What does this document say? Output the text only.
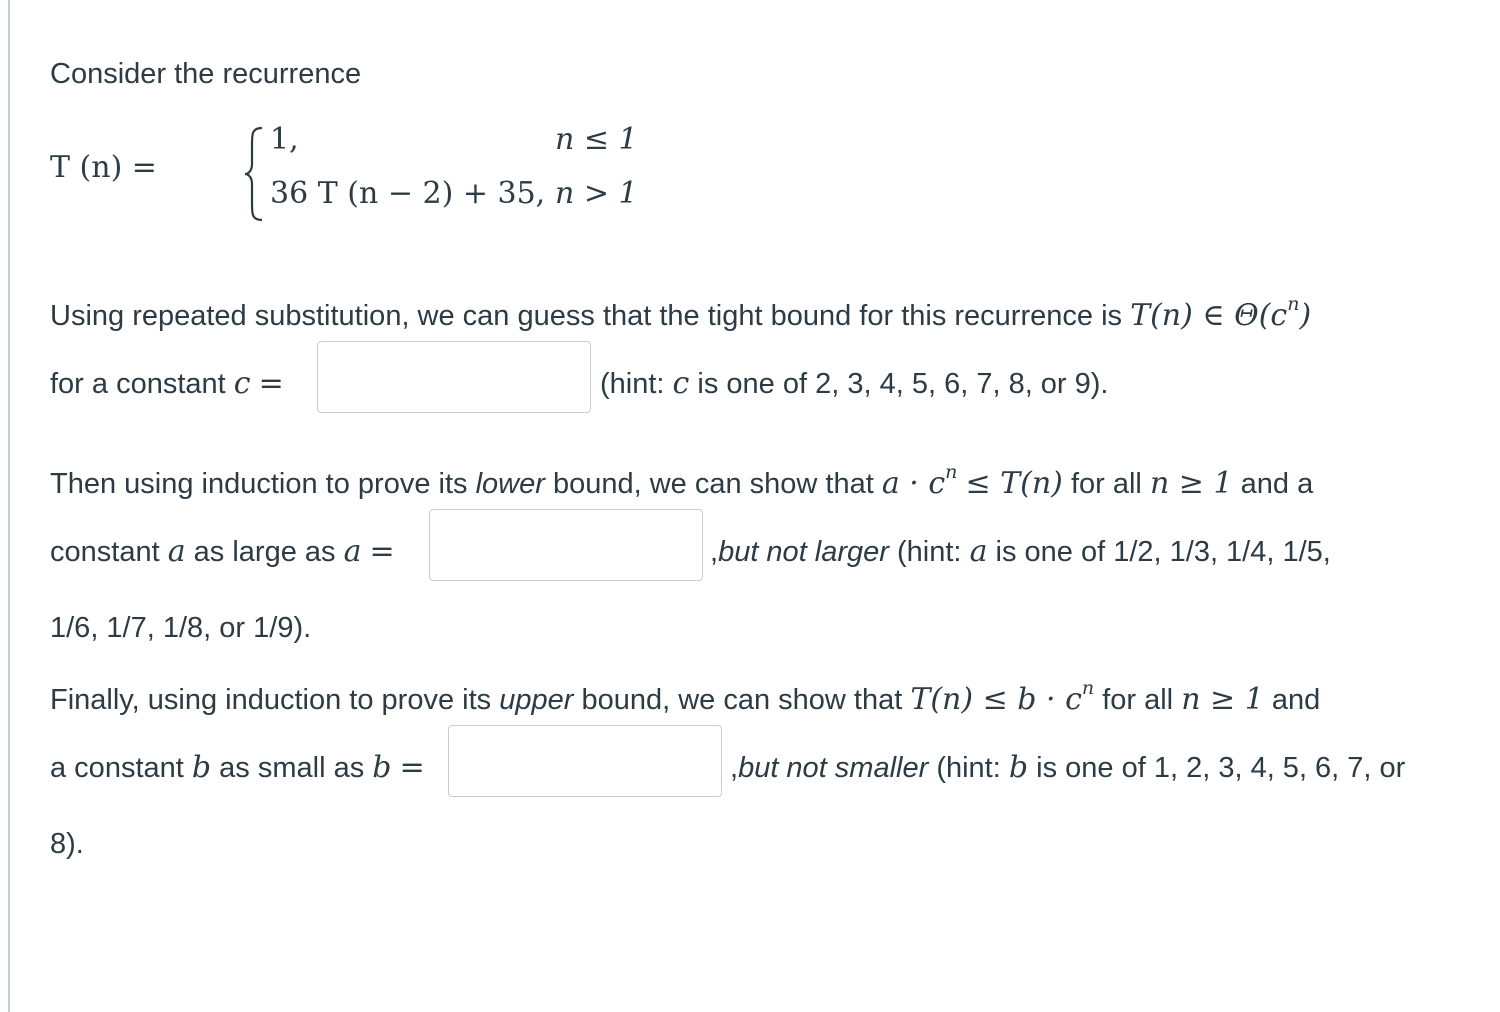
Consider the recurrence
T (n) =
1,	n ≤ 1
36 T (n − 2) + 35, n > 1
Using repeated substitution, we can guess that the tight bound for this recurrence is T(n) ∈ $\Theta(c^n)$
for a constant c =	(hint: c is one of 2, 3, 4, 5, 6, 7, 8, or 9).
Then using induction to prove its lower bound, we can show that $a \cdot c^n \le T(n)$ for all n ≥ 1 and a
constant a as large as a =	,but not larger (hint: a is one of 1/2, 1/3, 1/4, 1/5,
1/6, 1/7, 1/8, or 1/9).
Finally, using induction to prove its upper bound, we can show that $T(n) \le b \cdot c^n$ for all n ≥ 1 and
a constant b as small as b =	,but not smaller (hint: b is one of 1, 2, 3, 4, 5, 6, 7, or
8).
